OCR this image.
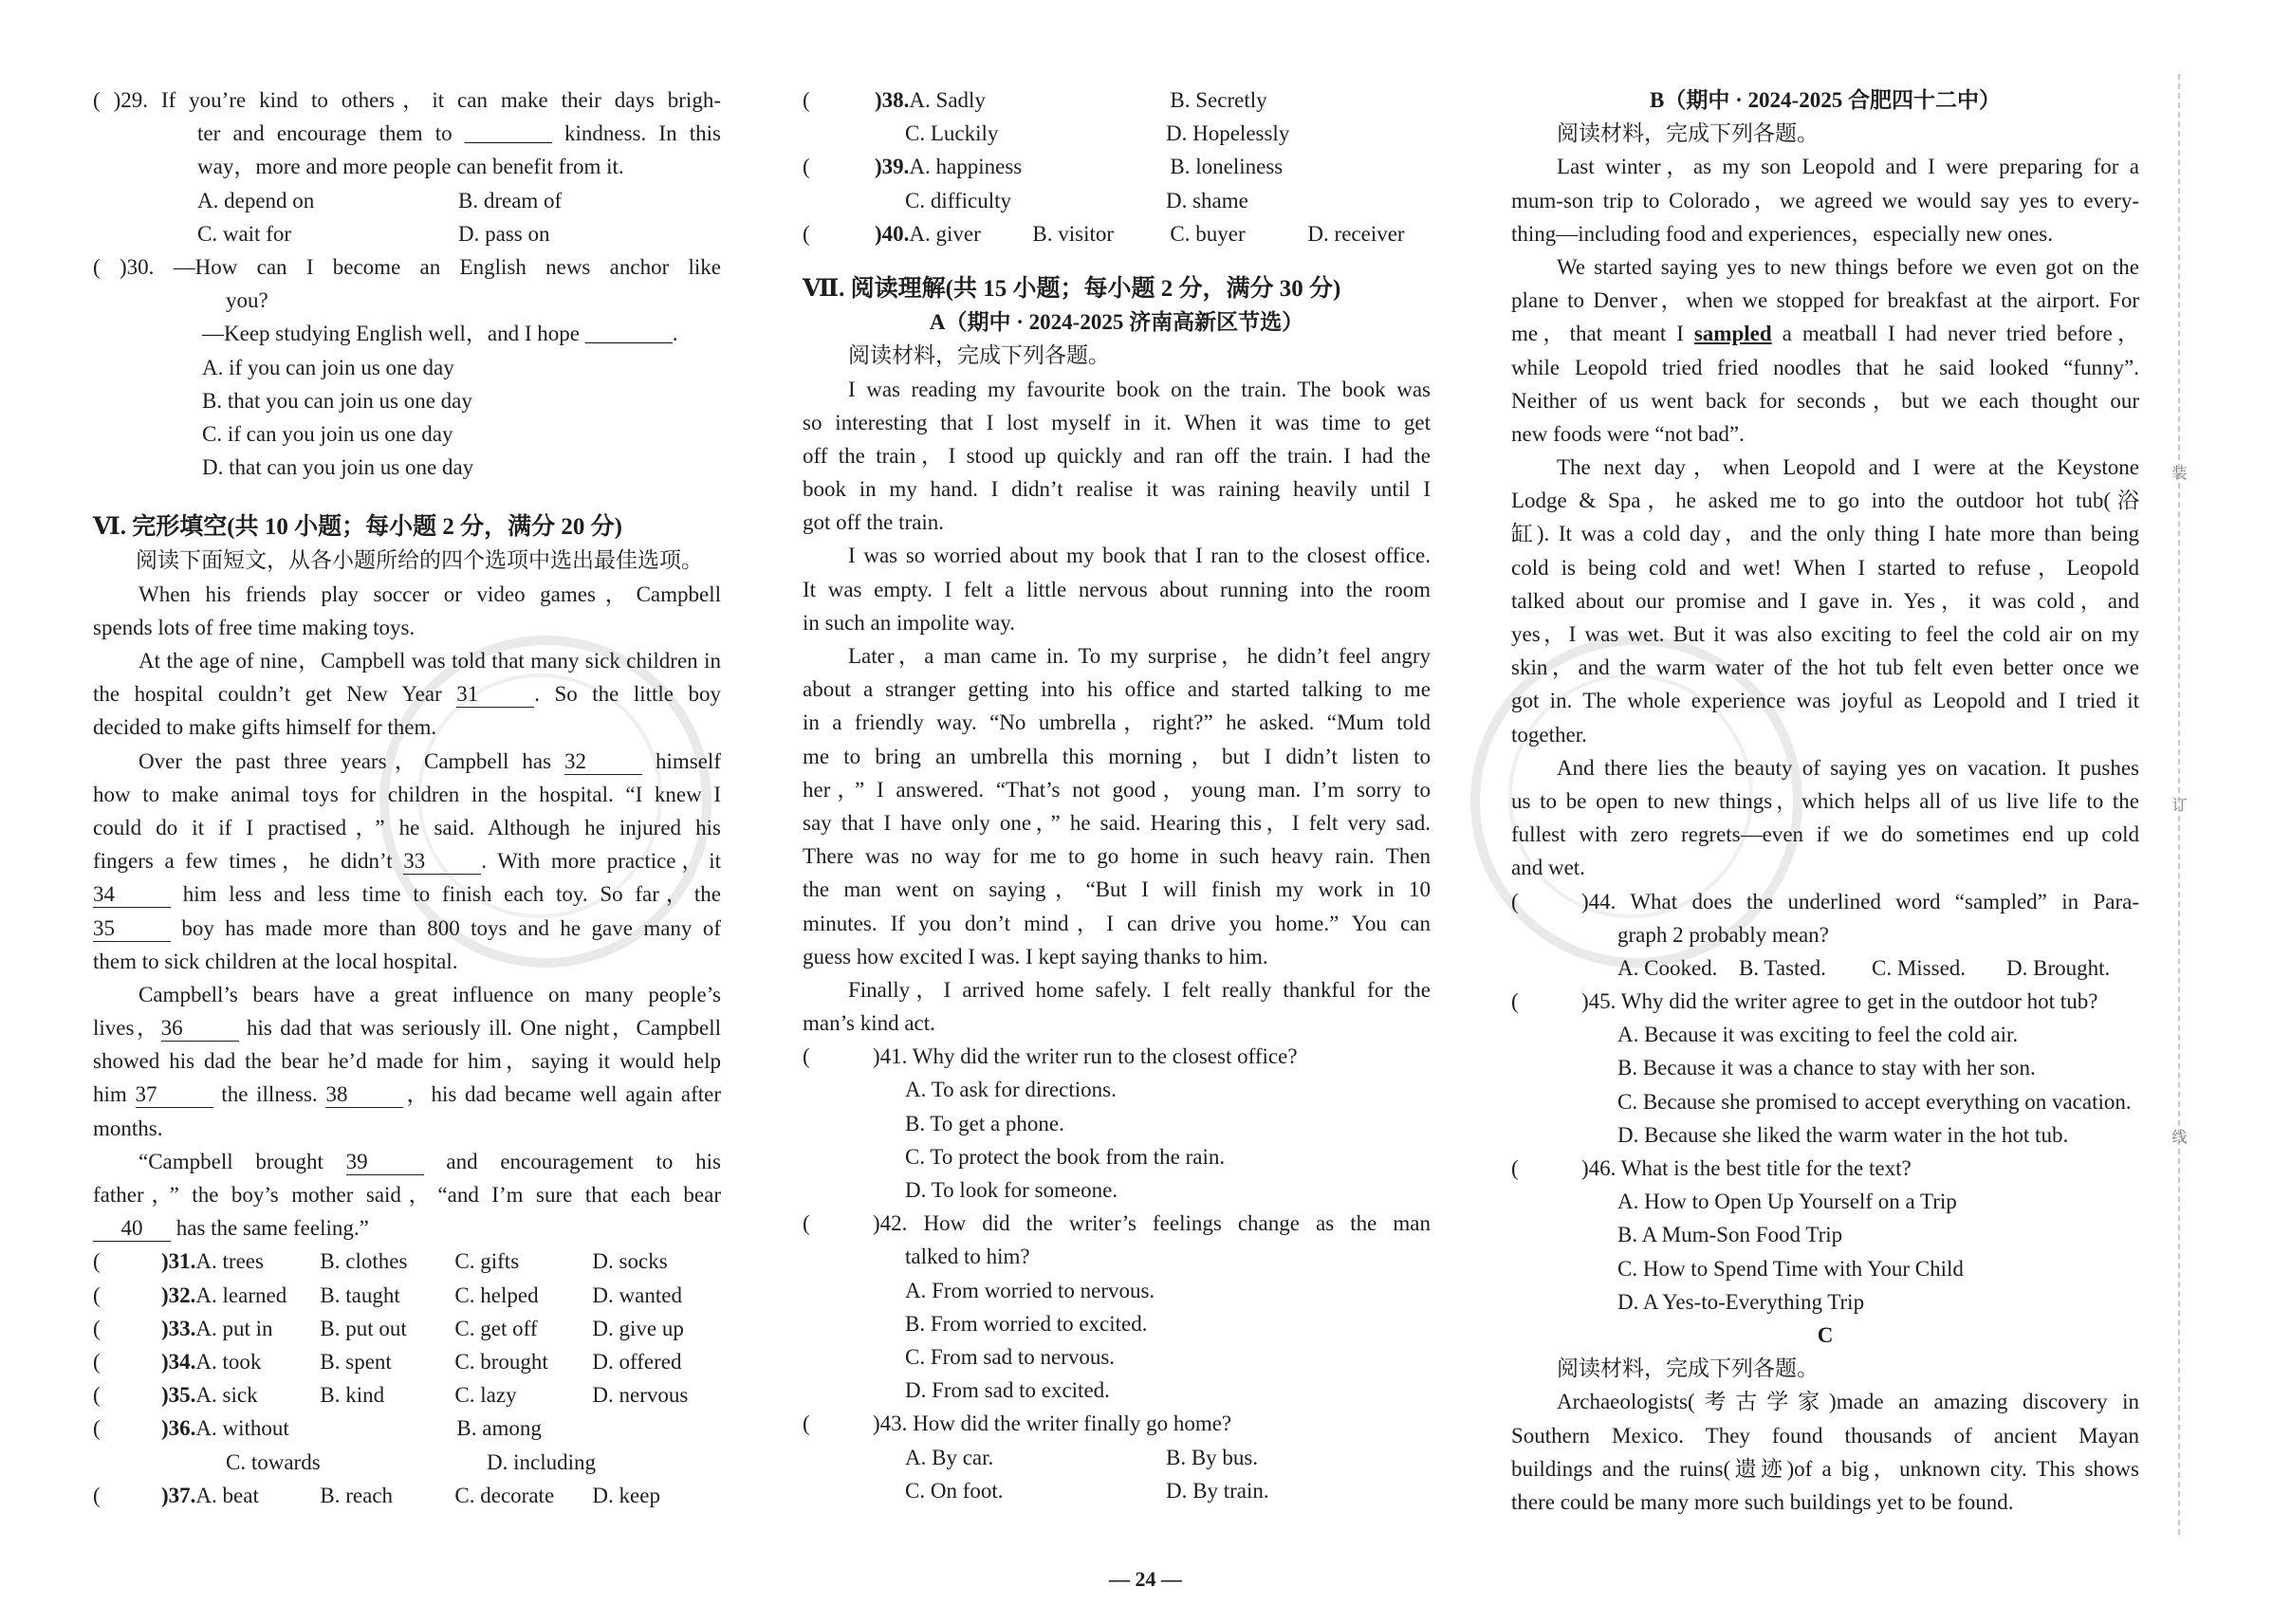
装
订
线
( )29. If you’re kind to others，it can make their days brigh-
ter and encourage them to ________ kindness. In this
way，more and more people can benefit from it.
A. depend on	B. dream of
C. wait for	D. pass on
( )30. —How can I become an English news anchor like
you?
—Keep studying English well，and I hope ________.
A. if you can join us one day
B. that you can join us one day
C. if can you join us one day
D. that can you join us one day
Ⅵ. 完形填空(共 10 小题；每小题 2 分，满分 20 分)
阅读下面短文，从各小题所给的四个选项中选出最佳选项。
When his friends play soccer or video games，Campbell
spends lots of free time making toys.
At the age of nine，Campbell was told that many sick children in
the hospital couldn’t get New Year 31	. So the little boy
decided to make gifts himself for them.
Over the past three years，Campbell has 32	himself
how to make animal toys for children in the hospital. “I knew I
could do it if I practised，” he said. Although he injured his
fingers a few times，he didn’t 33	. With more practice，it
34	him less and less time to finish each toy. So far，the
35	boy has made more than 800 toys and he gave many of
them to sick children at the local hospital.
Campbell’s bears have a great influence on many people’s
lives，36	his dad that was seriously ill. One night，Campbell
showed his dad the bear he’d made for him，saying it would help
him 37	the illness. 38	，his dad became well again after
months.
“Campbell brought 39	and encouragement to his
father，” the boy’s mother said，“and I’m sure that each bear
40 has the same feeling.”
(	)31. A. trees	B. clothes	C. gifts	D. socks
(	)32. A. learned	B. taught	C. helped	D. wanted
(	)33. A. put in	B. put out	C. get off	D. give up
(	)34. A. took	B. spent	C. brought	D. offered
(	)35. A. sick	B. kind	C. lazy	D. nervous
(	)36. A. without	B. among
C. towards	D. including
(	)37. A. beat	B. reach	C. decorate	D. keep
(	)38. A. Sadly	B. Secretly
C. Luckily	D. Hopelessly
(	)39. A. happiness	B. loneliness
C. difficulty	D. shame
(	)40. A. giver	B. visitor	C. buyer	D. receiver
Ⅶ. 阅读理解(共 15 小题；每小题 2 分，满分 30 分)
A（期中 · 2024-2025 济南高新区节选）
阅读材料，完成下列各题。
I was reading my favourite book on the train. The book was
so interesting that I lost myself in it. When it was time to get
off the train，I stood up quickly and ran off the train. I had the
book in my hand. I didn’t realise it was raining heavily until I
got off the train.
I was so worried about my book that I ran to the closest office.
It was empty. I felt a little nervous about running into the room
in such an impolite way.
Later，a man came in. To my surprise，he didn’t feel angry
about a stranger getting into his office and started talking to me
in a friendly way. “No umbrella，right?” he asked. “Mum told
me to bring an umbrella this morning，but I didn’t listen to
her，” I answered. “That’s not good，young man. I’m sorry to
say that I have only one，” he said. Hearing this，I felt very sad.
There was no way for me to go home in such heavy rain. Then
the man went on saying，“But I will finish my work in 10
minutes. If you don’t mind，I can drive you home.” You can
guess how excited I was. I kept saying thanks to him.
Finally，I arrived home safely. I felt really thankful for the
man’s kind act.
(	)41. Why did the writer run to the closest office?
A. To ask for directions.
B. To get a phone.
C. To protect the book from the rain.
D. To look for someone.
(	)42. How did the writer’s feelings change as the man
talked to him?
A. From worried to nervous.
B. From worried to excited.
C. From sad to nervous.
D. From sad to excited.
(	)43. How did the writer finally go home?
A. By car.	B. By bus.
C. On foot.	D. By train.
B（期中 · 2024-2025 合肥四十二中）
阅读材料，完成下列各题。
Last winter，as my son Leopold and I were preparing for a
mum-son trip to Colorado，we agreed we would say yes to every-
thing—including food and experiences，especially new ones.
We started saying yes to new things before we even got on the
plane to Denver，when we stopped for breakfast at the airport. For
me，that meant I sampled a meatball I had never tried before，
while Leopold tried fried noodles that he said looked “funny”.
Neither of us went back for seconds，but we each thought our
new foods were “not bad”.
The next day，when Leopold and I were at the Keystone
Lodge & Spa，he asked me to go into the outdoor hot tub(浴
缸). It was a cold day，and the only thing I hate more than being
cold is being cold and wet! When I started to refuse，Leopold
talked about our promise and I gave in. Yes，it was cold，and
yes，I was wet. But it was also exciting to feel the cold air on my
skin，and the warm water of the hot tub felt even better once we
got in. The whole experience was joyful as Leopold and I tried it
together.
And there lies the beauty of saying yes on vacation. It pushes
us to be open to new things，which helps all of us live life to the
fullest with zero regrets—even if we do sometimes end up cold
and wet.
(	)44. What does the underlined word “sampled” in Para-
graph 2 probably mean?
A. Cooked. B. Tasted.	C. Missed.	D. Brought.
(	)45. Why did the writer agree to get in the outdoor hot tub?
A. Because it was exciting to feel the cold air.
B. Because it was a chance to stay with her son.
C. Because she promised to accept everything on vacation.
D. Because she liked the warm water in the hot tub.
(	)46. What is the best title for the text?
A. How to Open Up Yourself on a Trip
B. A Mum-Son Food Trip
C. How to Spend Time with Your Child
D. A Yes-to-Everything Trip
C
阅读材料，完成下列各题。
Archaeologists(考古学家)made an amazing discovery in
Southern Mexico. They found thousands of ancient Mayan
buildings and the ruins(遗迹)of a big，unknown city. This shows
there could be many more such buildings yet to be found.
— 24 —
